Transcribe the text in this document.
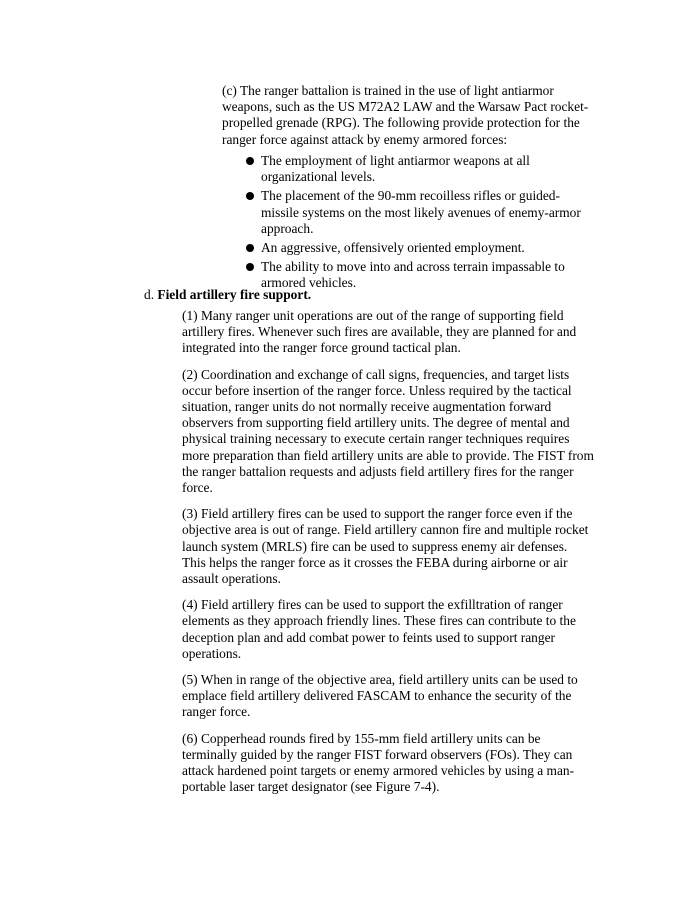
(c) The ranger battalion is trained in the use of light antiarmor weapons, such as the US M72A2 LAW and the Warsaw Pact rocket-propelled grenade (RPG). The following provide protection for the ranger force against attack by enemy armored forces:

The employment of light antiarmor weapons at all organizational levels.
The placement of the 90-mm recoilless rifles or guided-missile systems on the most likely avenues of enemy-armor approach.
An aggressive, offensively oriented employment.
The ability to move into and across terrain impassable to armored vehicles.
d. Field artillery fire support.

(1) Many ranger unit operations are out of the range of supporting field artillery fires. Whenever such fires are available, they are planned for and integrated into the ranger force ground tactical plan.

(2) Coordination and exchange of call signs, frequencies, and target lists occur before insertion of the ranger force. Unless required by the tactical situation, ranger units do not normally receive augmentation forward observers from supporting field artillery units. The degree of mental and physical training necessary to execute certain ranger techniques requires more preparation than field artillery units are able to provide. The FIST from the ranger battalion requests and adjusts field artillery fires for the ranger force.

(3) Field artillery fires can be used to support the ranger force even if the objective area is out of range. Field artillery cannon fire and multiple rocket launch system (MRLS) fire can be used to suppress enemy air defenses. This helps the ranger force as it crosses the FEBA during airborne or air assault operations.

(4) Field artillery fires can be used to support the exfilltration of ranger elements as they approach friendly lines. These fires can contribute to the deception plan and add combat power to feints used to support ranger operations.

(5) When in range of the objective area, field artillery units can be used to emplace field artillery delivered FASCAM to enhance the security of the ranger force.

(6) Copperhead rounds fired by 155-mm field artillery units can be terminally guided by the ranger FIST forward observers (FOs). They can attack hardened point targets or enemy armored vehicles by using a man-portable laser target designator (see Figure 7-4).
